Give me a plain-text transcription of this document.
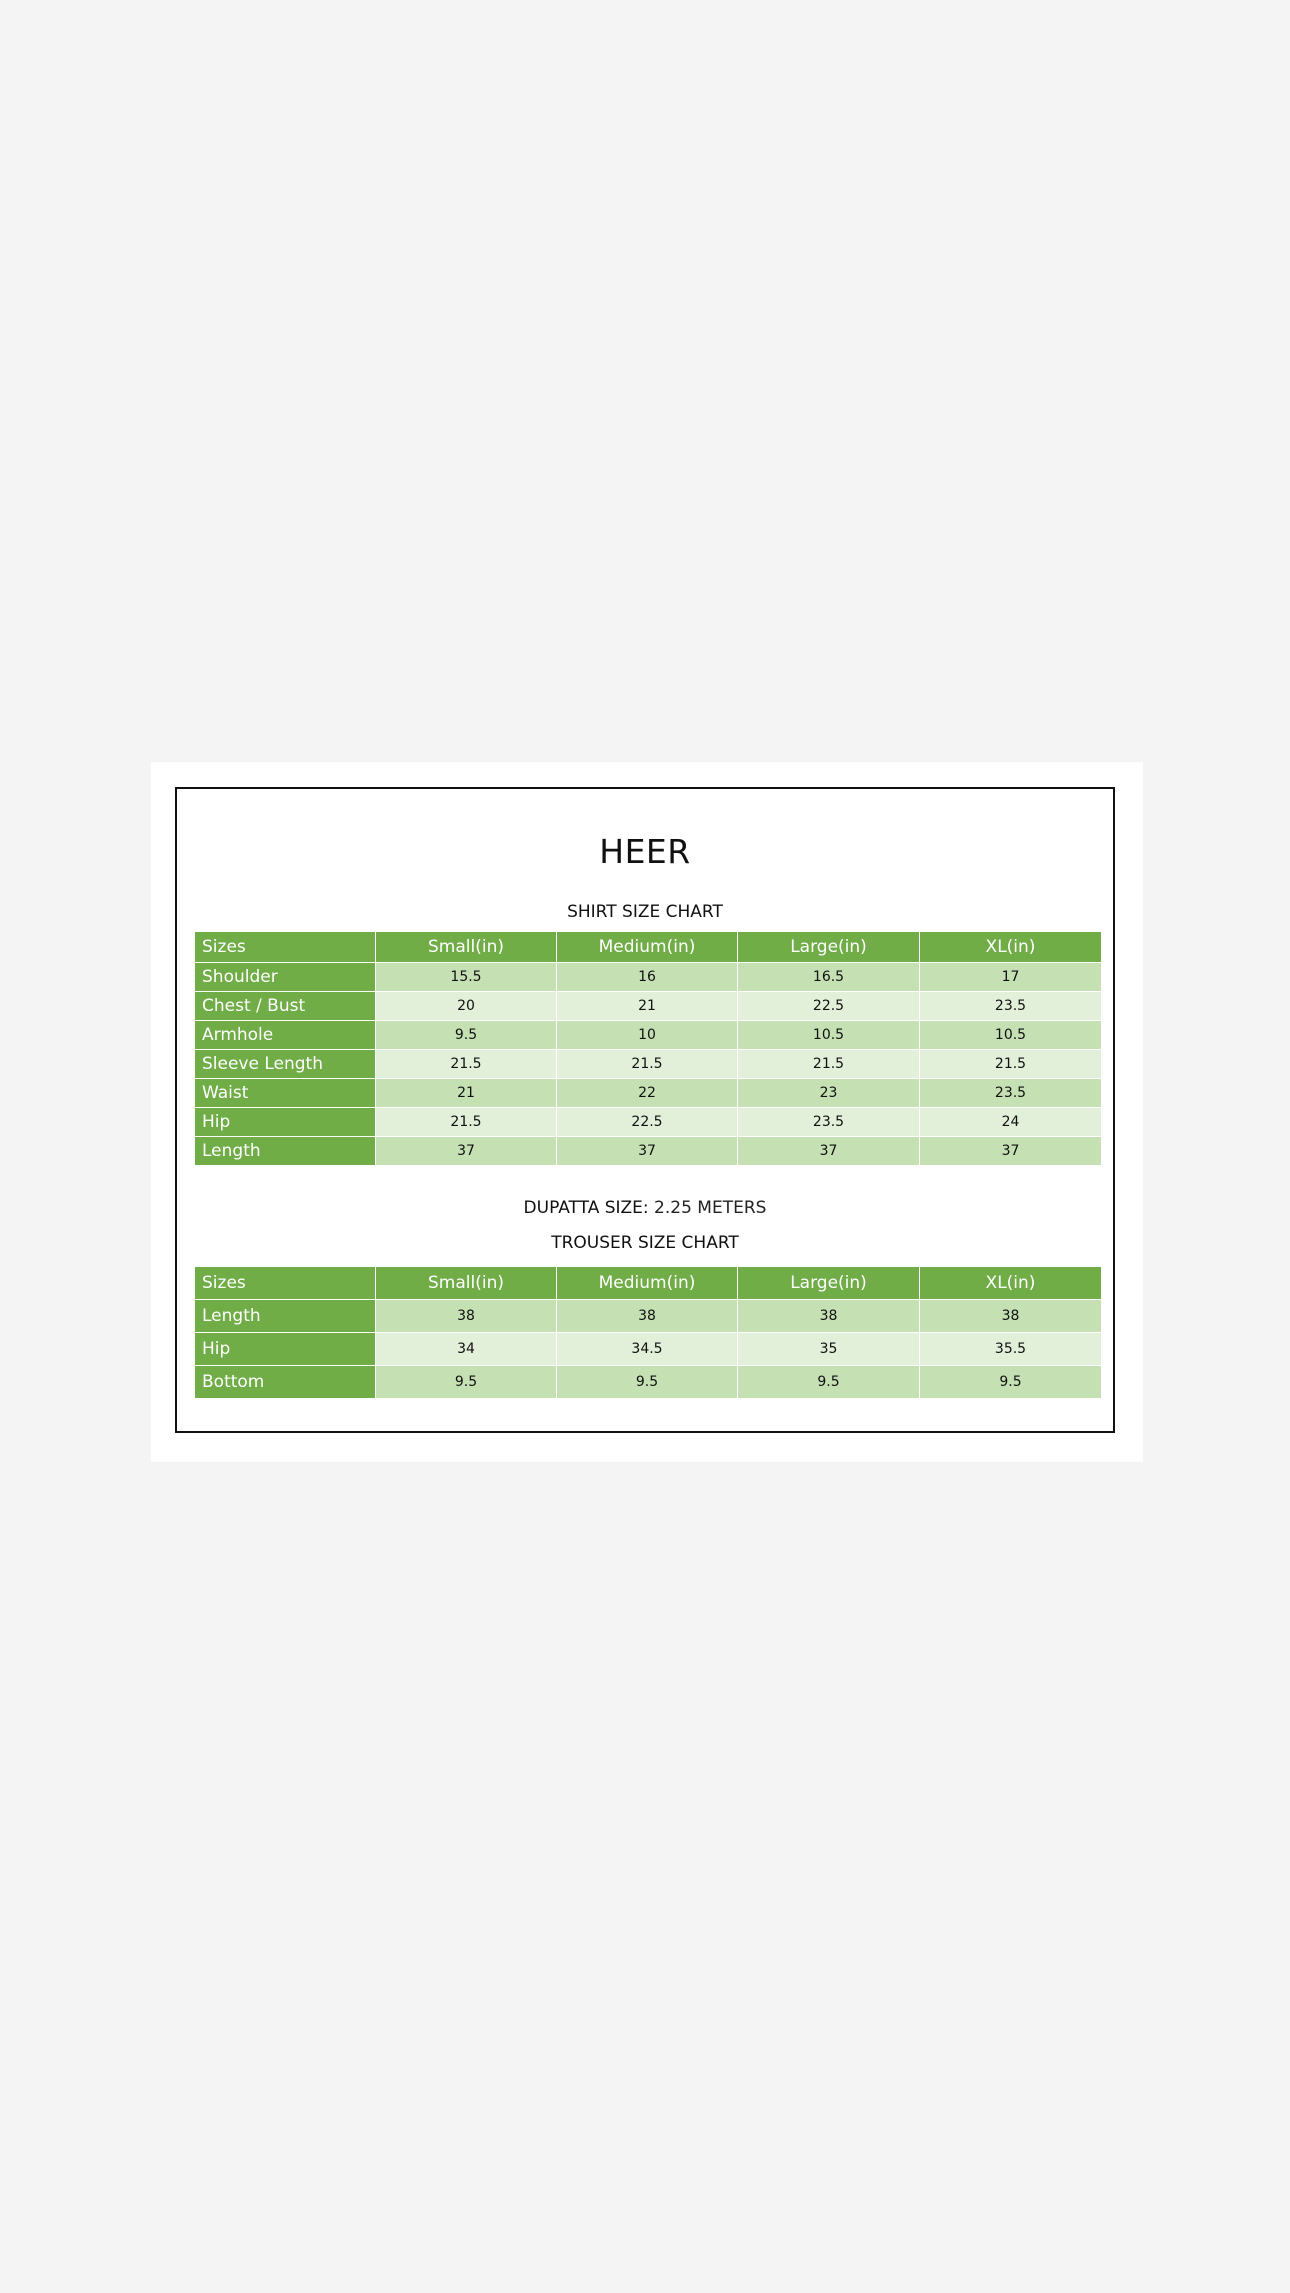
HEER
SHIRT SIZE CHART
Sizes	Small(in)	Medium(in)	Large(in)	XL(in)
Shoulder	15.5	16	16.5	17
Chest / Bust	20	21	22.5	23.5
Armhole	9.5	10	10.5	10.5
Sleeve Length	21.5	21.5	21.5	21.5
Waist	21	22	23	23.5
Hip	21.5	22.5	23.5	24
Length	37	37	37	37
DUPATTA SIZE: 2.25 METERS
TROUSER SIZE CHART
Sizes	Small(in)	Medium(in)	Large(in)	XL(in)
Length	38	38	38	38
Hip	34	34.5	35	35.5
Bottom	9.5	9.5	9.5	9.5
